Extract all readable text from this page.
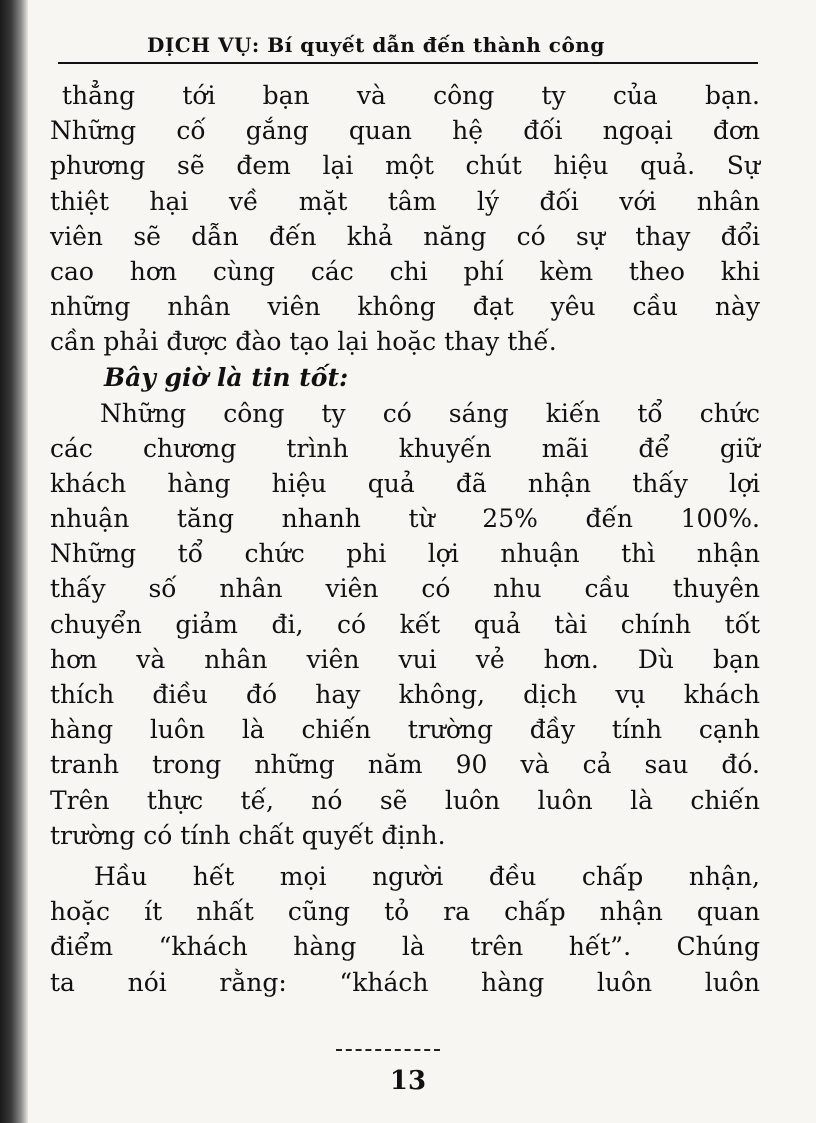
DỊCH VỤ: Bí quyết dẫn đến thành công
thẳng tới bạn và công ty của bạn.
Những cố gắng quan hệ đối ngoại đơn
phương sẽ đem lại một chút hiệu quả. Sự
thiệt hại về mặt tâm lý đối với nhân
viên sẽ dẫn đến khả năng có sự thay đổi
cao hơn cùng các chi phí kèm theo khi
những nhân viên không đạt yêu cầu này
cần phải được đào tạo lại hoặc thay thế.
Bây giờ là tin tốt:
Những công ty có sáng kiến tổ chức
các chương trình khuyến mãi để giữ
khách hàng hiệu quả đã nhận thấy lợi
nhuận tăng nhanh từ 25% đến 100%.
Những tổ chức phi lợi nhuận thì nhận
thấy số nhân viên có nhu cầu thuyên
chuyển giảm đi, có kết quả tài chính tốt
hơn và nhân viên vui vẻ hơn. Dù bạn
thích điều đó hay không, dịch vụ khách
hàng luôn là chiến trường đầy tính cạnh
tranh trong những năm 90 và cả sau đó.
Trên thực tế, nó sẽ luôn luôn là chiến
trường có tính chất quyết định.
Hầu hết mọi người đều chấp nhận,
hoặc ít nhất cũng tỏ ra chấp nhận quan
điểm “khách hàng là trên hết”. Chúng
ta nói rằng: “khách hàng luôn luôn
13
